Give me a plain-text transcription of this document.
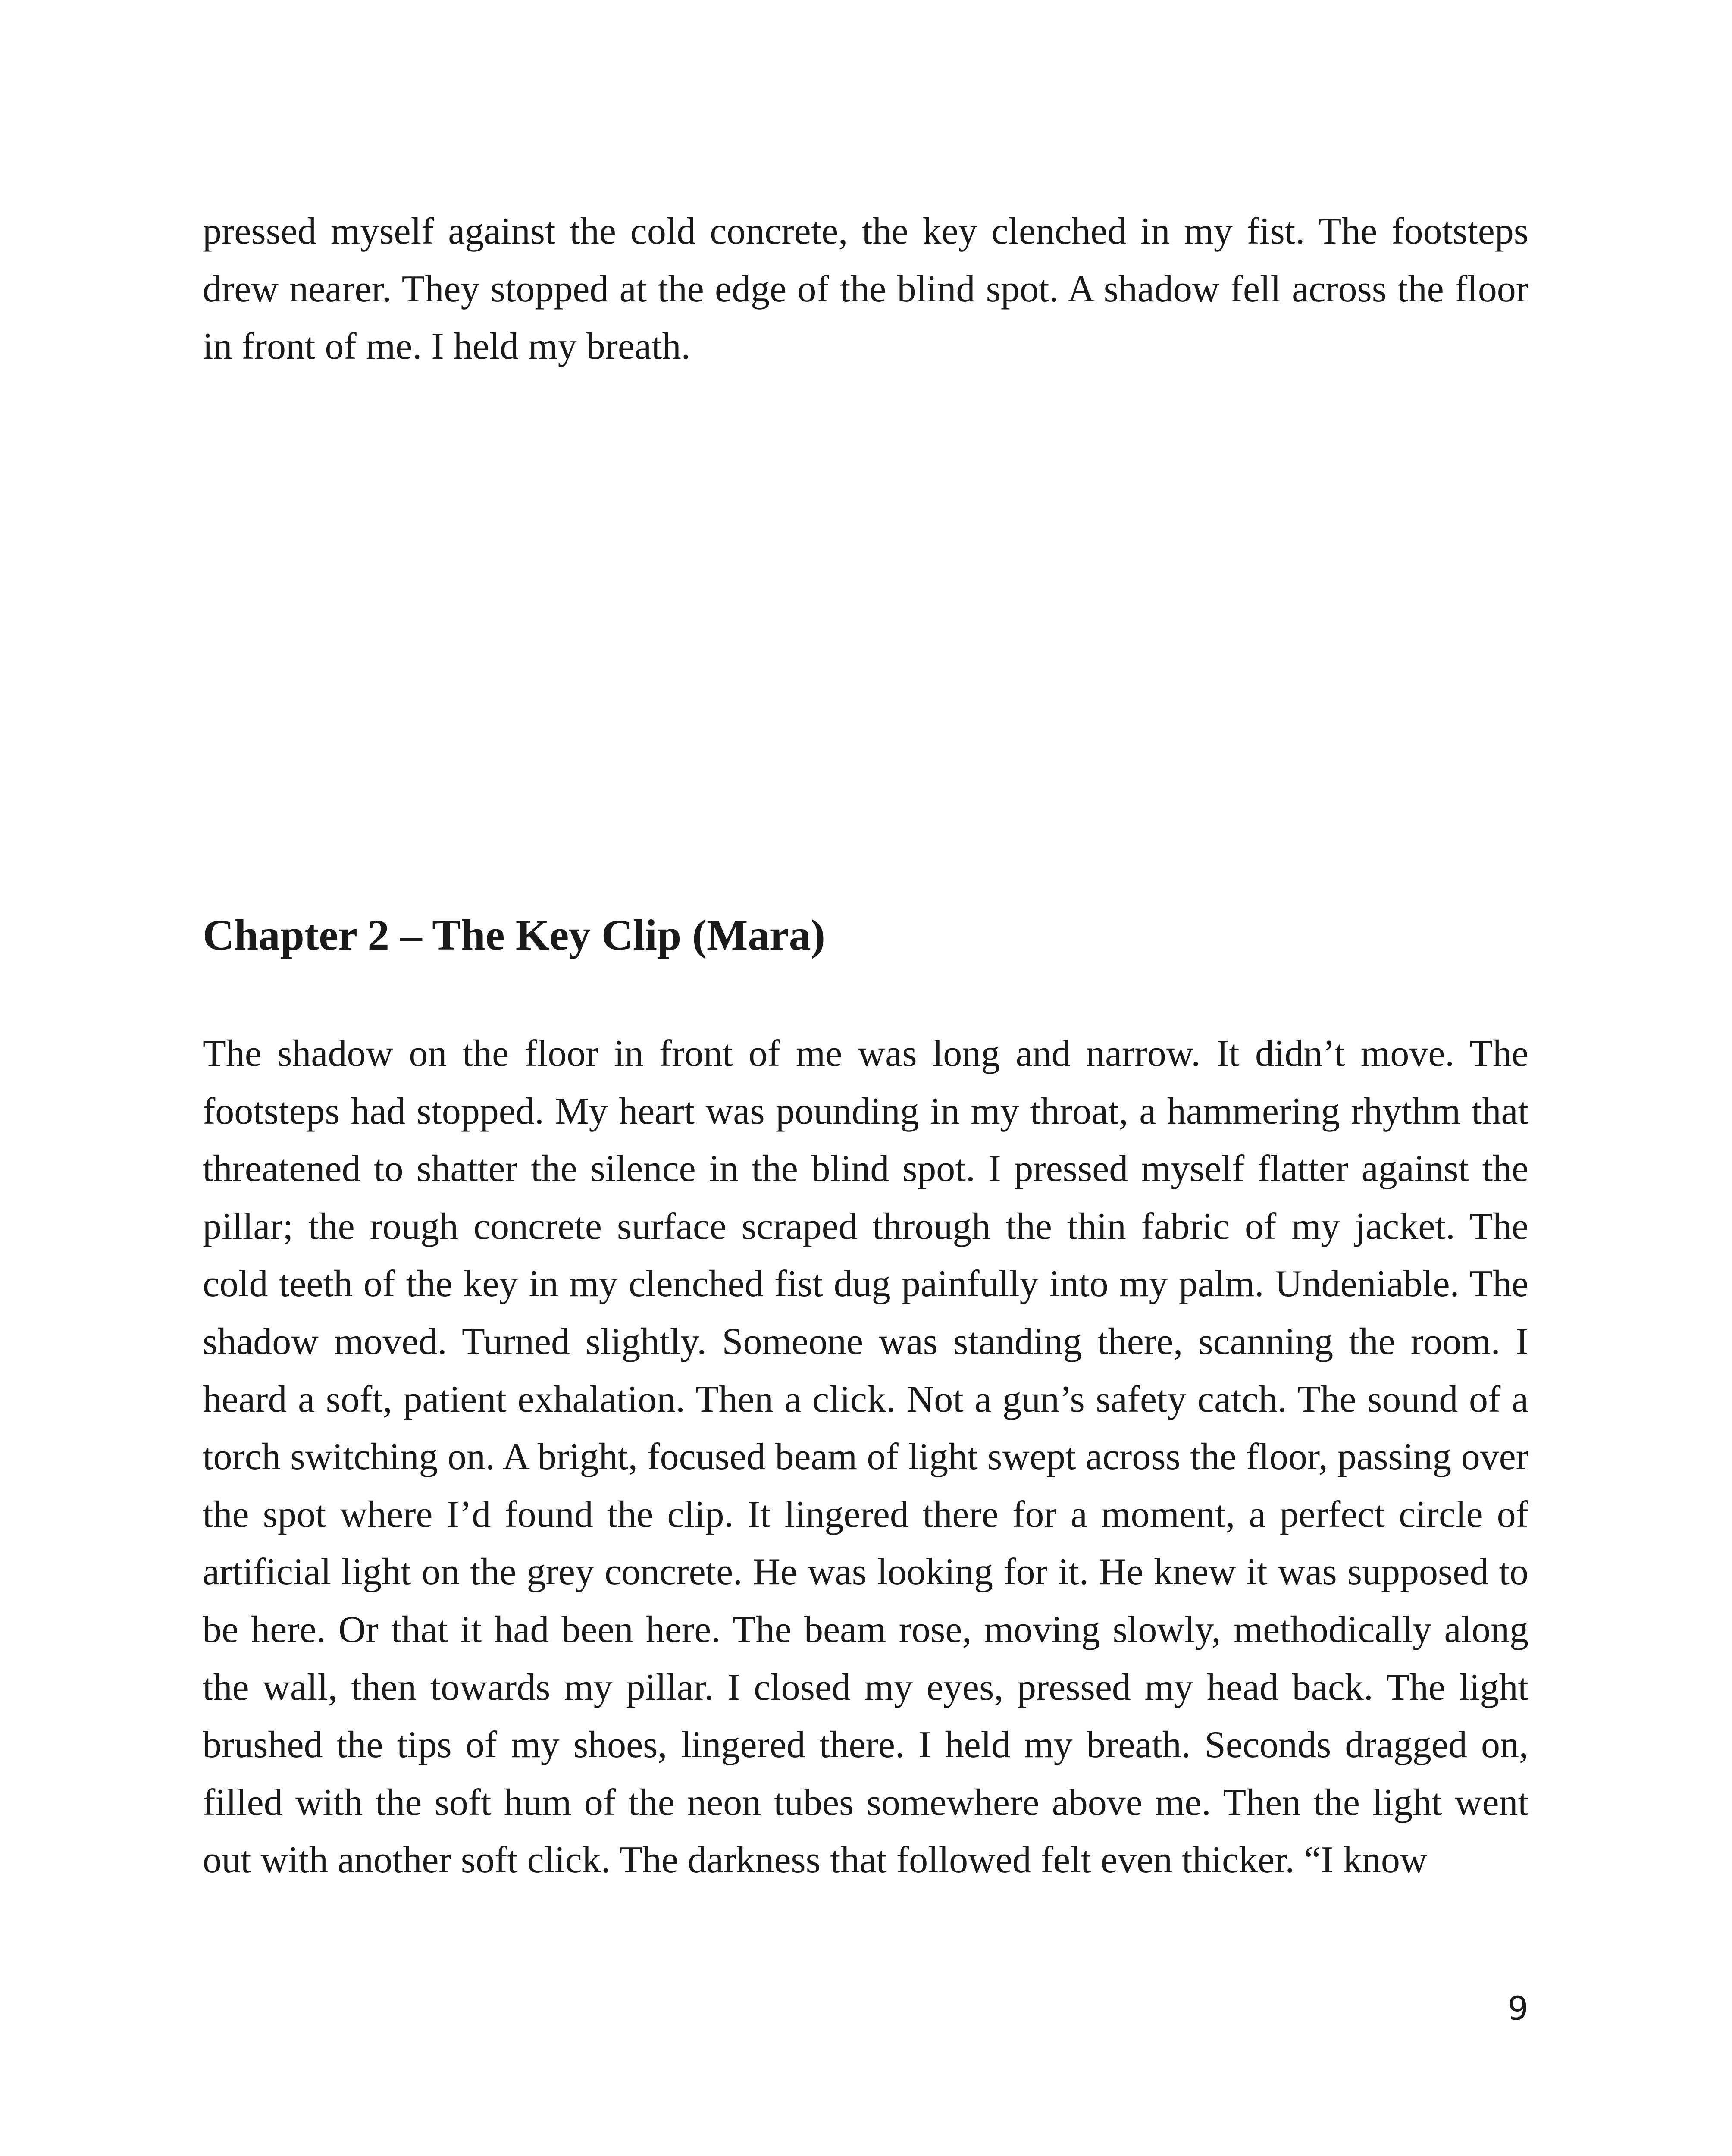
pressed myself against the cold concrete, the key clenched in my fist. The footsteps drew nearer. They stopped at the edge of the blind spot. A shadow fell across the floor in front of me. I held my breath.

Chapter 2 – The Key Clip (Mara)

The shadow on the floor in front of me was long and narrow. It didn’t move. The footsteps had stopped. My heart was pounding in my throat, a hammering rhythm that threatened to shatter the silence in the blind spot. I pressed myself flatter against the pillar; the rough concrete surface scraped through the thin fabric of my jacket. The cold teeth of the key in my clenched fist dug painfully into my palm. Undeniable. The shadow moved. Turned slightly. Someone was standing there, scanning the room. I heard a soft, patient exhalation. Then a click. Not a gun’s safety catch. The sound of a torch switching on. A bright, focused beam of light swept across the floor, passing over the spot where I’d found the clip. It lingered there for a moment, a perfect circle of artificial light on the grey concrete. He was looking for it. He knew it was supposed to be here. Or that it had been here. The beam rose, moving slowly, methodically along the wall, then towards my pillar. I closed my eyes, pressed my head back. The light brushed the tips of my shoes, lingered there. I held my breath. Seconds dragged on, filled with the soft hum of the neon tubes somewhere above me. Then the light went out with another soft click. The darkness that followed felt even thicker. “I know

9
